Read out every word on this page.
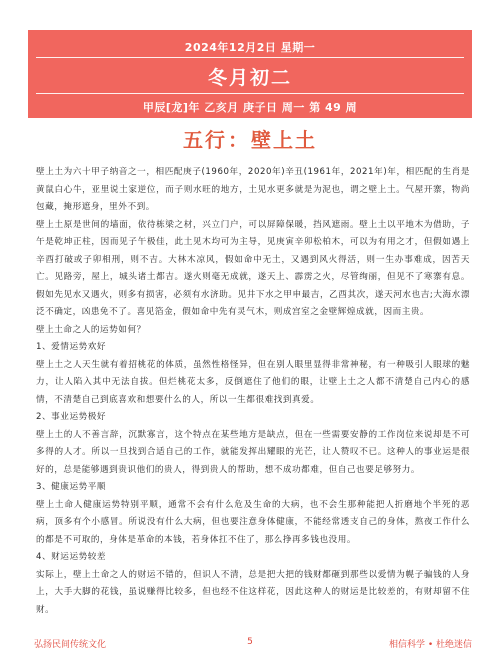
2024年12月2日 星期一
冬月初二
甲辰[龙]年 乙亥月 庚子日 周一 第 49 周
五行：壁上土

壁上土为六十甲子纳音之一，相匹配庚子(1960年，2020年)辛丑(1961年，2021年)年，相匹配的生肖是黄鼠白心牛，亚里说土家逆位，而子则水旺的地方，土见水更多就是为泥也，谓之壁上土。气屋开寨，物尚包藏，掩形遮身，里外不到。

壁上土原是世间的墙面，依待栋梁之材，兴立门户，可以屏障保暖，挡风遮雨。壁上土以平地木为借助，子午是乾坤正柱，因而见子午极佳，此土见木均可为主导，见庚寅辛卯松柏木，可以为有用之才，但假如遇上辛酉打破或子卯相刑，则不吉。大林木凉风，假如命中无土，又遇到风火得活，则一生办事难成，因苦天亡。见路旁，屋上，城头诸土都吉。遂火则毫无成就，遂天上、霹雳之火，尽管绚丽，但见不了寒寨有息。假如先见水又遇火，则多有损害，必须有水济助。见井下水之甲申最吉，乙酉其次，遂天河水也吉;大海水漂泛不确定，凶患免不了。喜见箔金，假如命中先有灵气木，则成宫室之金壁辉煌成就，因而主贵。

壁上土命之人的运势如何？

1、爱情运势欢好

壁上土之人天生就有着招桃花的体质，虽然性格怪异，但在别人眼里显得非常神秘，有一种吸引人眼球的魅力，让人陷入其中无法自拔。但烂桃花太多，反倒遮住了他们的眼，让壁上土之人都不清楚自己内心的感情，不清楚自己到底喜欢和想要什么的人，所以一生都很难找到真爱。

2、事业运势极好

壁上土的人不善言辞，沉默寡言，这个特点在某些地方是缺点，但在一些需要安静的工作岗位来说却是不可多得的人才。所以一旦找到合适自己的工作，就能发挥出耀眼的光芒，让人赞叹不已。这种人的事业运是很好的，总是能够遇到贵识他们的贵人，得到贵人的帮助，想不成功都难，但自己也要足够努力。

3、健康运势平顺

壁上土命人健康运势特别平顺，通常不会有什么危及生命的大病，也不会生那种能把人折磨地个半死的恶病，顶多有个小感冒。所说没有什么大病，但也要注意身体健康，不能经常透支自己的身体，熬夜工作什么的都是不可取的，身体是革命的本钱，若身体扛不住了，那么挣再多钱也没用。

4、财运运势较差

实际上，壁上土命之人的财运不错的，但识人不清，总是把大把的钱财都砸到那些以爱情为幌子骗钱的人身上，大手大脚的花钱，虽说赚得比较多，但也经不住这样花，因此这种人的财运是比较差的，有财却留不住财。

弘扬民间传统文化	5	相信科学 • 杜绝迷信
